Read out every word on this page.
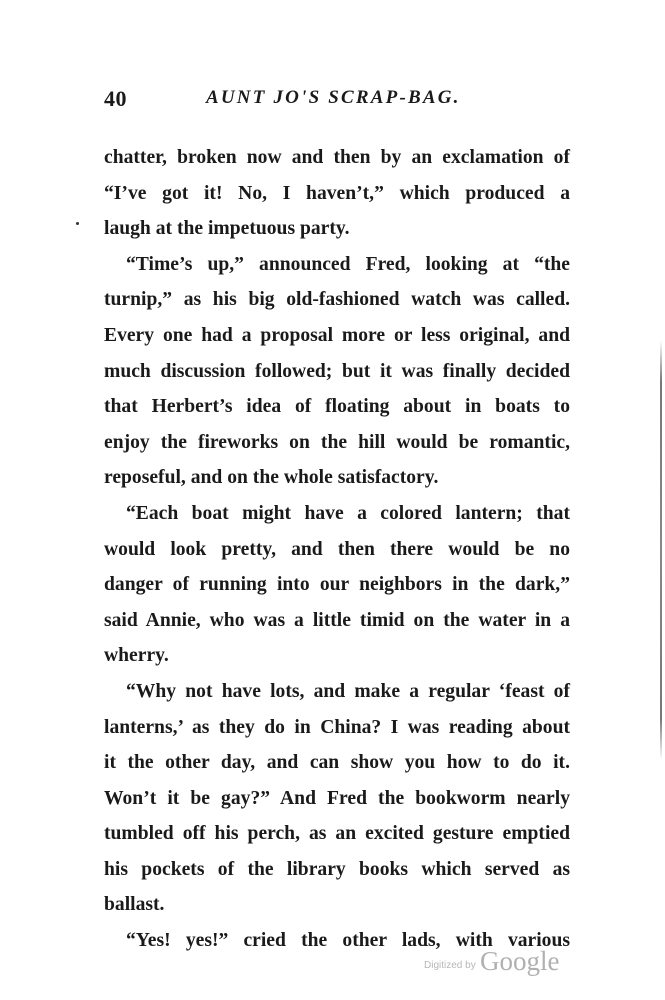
40	AUNT JO'S SCRAP-BAG.
chatter, broken now and then by an exclamation of
“I’ve got it! No, I haven’t,” which produced a
laugh at the impetuous party.
“Time’s up,” announced Fred, looking at “the
turnip,” as his big old-fashioned watch was called.
Every one had a proposal more or less original, and
much discussion followed; but it was finally decided
that Herbert’s idea of floating about in boats to
enjoy the fireworks on the hill would be romantic,
reposeful, and on the whole satisfactory.
“Each boat might have a colored lantern; that
would look pretty, and then there would be no
danger of running into our neighbors in the dark,”
said Annie, who was a little timid on the water in a
wherry.
“Why not have lots, and make a regular ‘feast of
lanterns,’ as they do in China? I was reading about
it the other day, and can show you how to do it.
Won’t it be gay?” And Fred the bookworm nearly
tumbled off his perch, as an excited gesture emptied
his pockets of the library books which served as
ballast.
“Yes! yes!” cried the other lads, with various
Digitized by Google
